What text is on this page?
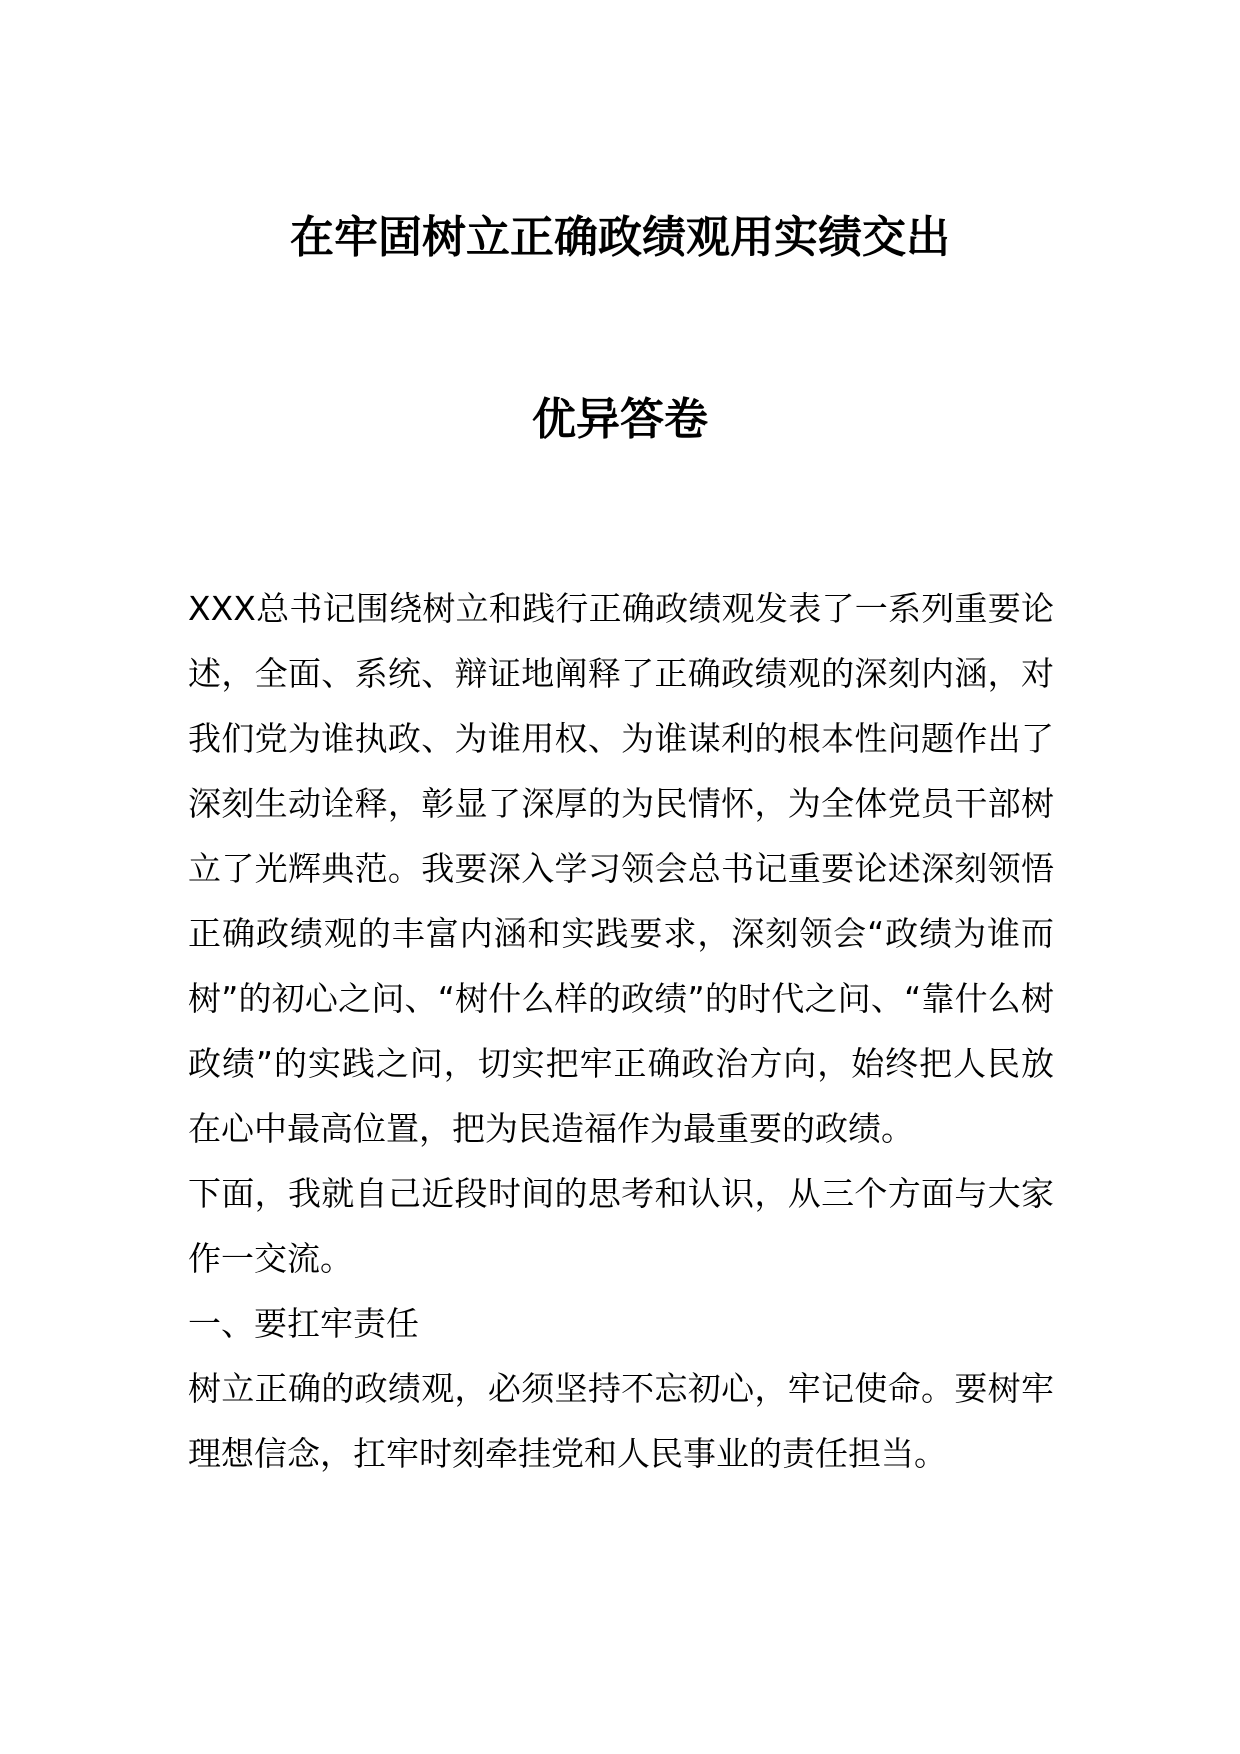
在牢固树立正确政绩观用实绩交出
优异答卷

XXX总书记围绕树立和践行正确政绩观发表了一系列重要论述，全面、系统、辩证地阐释了正确政绩观的深刻内涵，对我们党为谁执政、为谁用权、为谁谋利的根本性问题作出了深刻生动诠释，彰显了深厚的为民情怀，为全体党员干部树立了光辉典范。我要深入学习领会总书记重要论述深刻领悟正确政绩观的丰富内涵和实践要求，深刻领会“政绩为谁而树”的初心之问、“树什么样的政绩”的时代之问、“靠什么树政绩”的实践之问，切实把牢正确政治方向，始终把人民放在心中最高位置，把为民造福作为最重要的政绩。

下面，我就自己近段时间的思考和认识，从三个方面与大家作一交流。

一、要扛牢责任

树立正确的政绩观，必须坚持不忘初心，牢记使命。要树牢理想信念，扛牢时刻牵挂党和人民事业的责任担当。
